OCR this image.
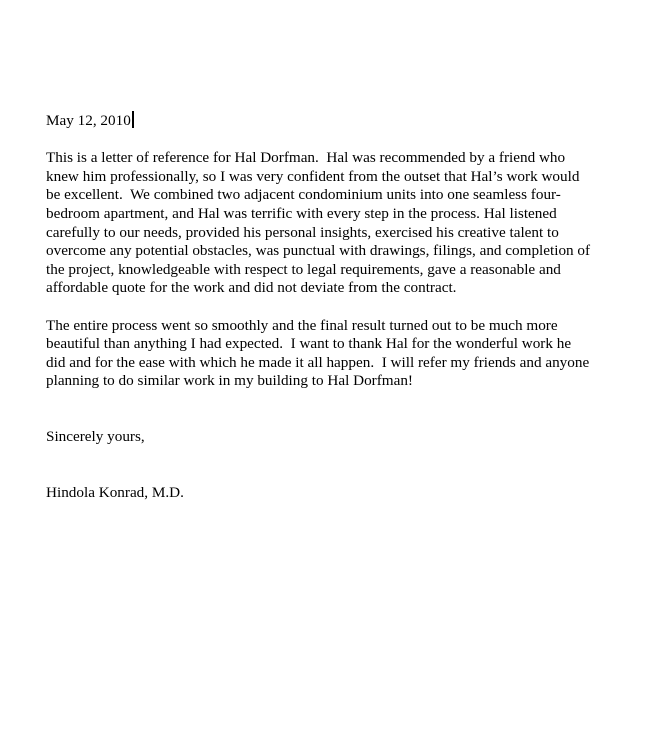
May 12, 2010
This is a letter of reference for Hal Dorfman.  Hal was recommended by a friend who
knew him professionally, so I was very confident from the outset that Hal’s work would
be excellent.  We combined two adjacent condominium units into one seamless four-
bedroom apartment, and Hal was terrific with every step in the process. Hal listened
carefully to our needs, provided his personal insights, exercised his creative talent to
overcome any potential obstacles, was punctual with drawings, filings, and completion of
the project, knowledgeable with respect to legal requirements, gave a reasonable and
affordable quote for the work and did not deviate from the contract.
The entire process went so smoothly and the final result turned out to be much more
beautiful than anything I had expected.  I want to thank Hal for the wonderful work he
did and for the ease with which he made it all happen.  I will refer my friends and anyone
planning to do similar work in my building to Hal Dorfman!
Sincerely yours,
Hindola Konrad, M.D.
